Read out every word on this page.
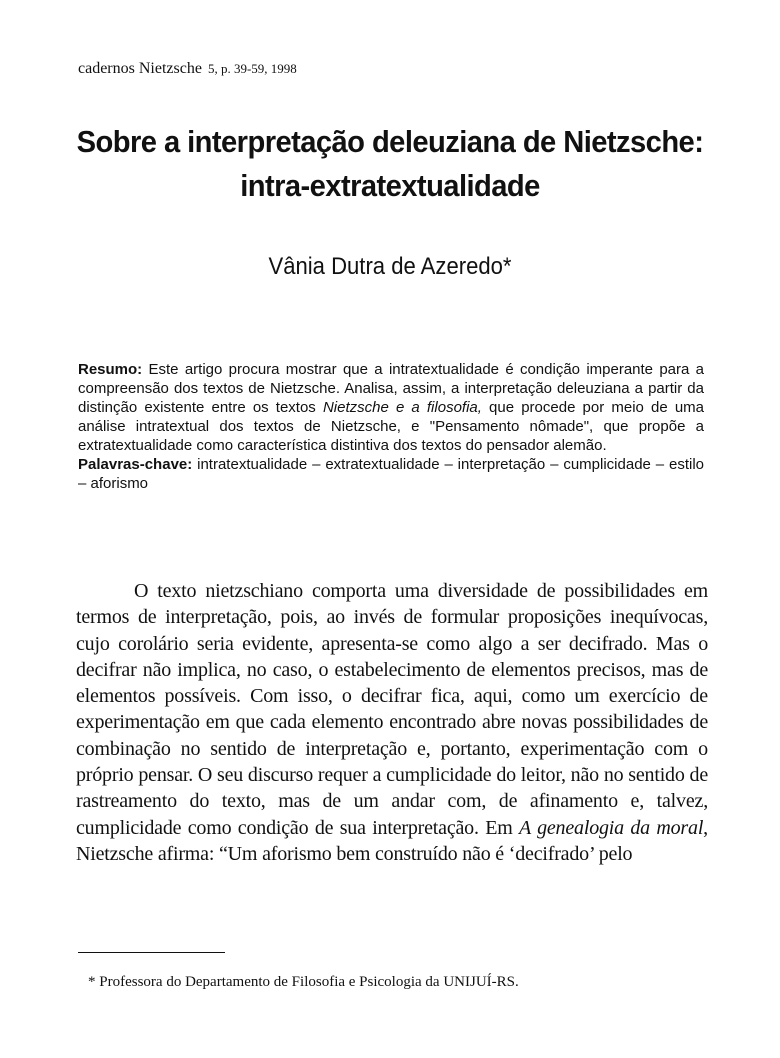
cadernos Nietzsche 5, p. 39-59, 1998
Sobre a interpretação deleuziana de Nietzsche:
intra-extratextualidade
Vânia Dutra de Azeredo*

Resumo: Este artigo procura mostrar que a intratextualidade é condição imperante para a compreensão dos textos de Nietzsche. Analisa, assim, a interpretação deleuziana a partir da distinção existente entre os textos Nietzsche e a filosofia, que procede por meio de uma análise intratextual dos textos de Nietzsche, e "Pensamento nômade", que propõe a extratextualidade como característica distintiva dos textos do pensador alemão.

Palavras-chave: intratextualidade – extratextualidade – interpretação – cumplicidade – estilo – aforismo

O texto nietzschiano comporta uma diversidade de possibilidades em termos de interpretação, pois, ao invés de formular proposições inequívocas, cujo corolário seria evidente, apresenta-se como algo a ser decifrado. Mas o decifrar não implica, no caso, o estabelecimento de elementos precisos, mas de elementos possíveis. Com isso, o decifrar fica, aqui, como um exercício de experimentação em que cada elemento encontrado abre novas possibilidades de combinação no sentido de interpretação e, portanto, experimentação com o próprio pensar. O seu discurso requer a cumplicidade do leitor, não no sentido de rastreamento do texto, mas de um andar com, de afinamento e, talvez, cumplicidade como condição de sua interpretação. Em A genealogia da moral, Nietzsche afirma: “Um aforismo bem construído não é ‘decifrado’ pelo

* Professora do Departamento de Filosofia e Psicologia da UNIJUÍ-RS.
